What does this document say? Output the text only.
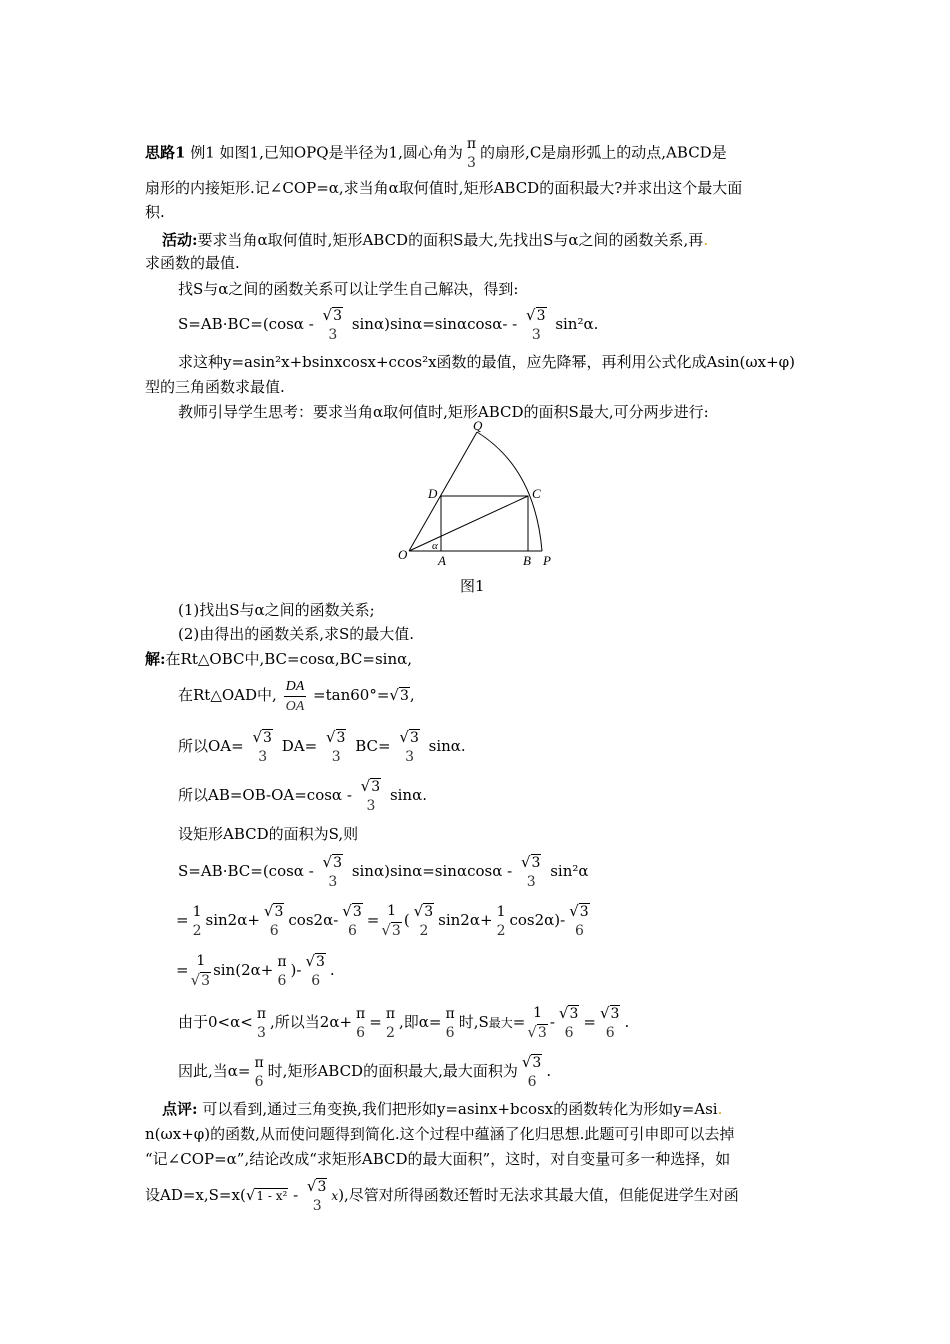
思路1 例1 如图1,已知OPQ是半径为1,圆心角为 π
3
的扇形,C是扇形弧上的动点,ABCD是
扇形的内接矩形.记∠COP=α,求当角α取何值时,矩形ABCD的面积最大?并求出这个最大面
积.
活动:要求当角α取何值时,矩形ABCD的面积S最大,先找出S与α之间的函数关系,再.
求函数的最值.
找S与α之间的函数关系可以让学生自己解决，得到:
S=AB·BC=(cosα - √3
3
sinα)sinα=sinαcosα- - √3
3
sin²α.
求这种y=asin²x+bsinxcosx+ccos²x函数的最值，应先降幂，再利用公式化成Asin(ωx+φ)
型的三角函数求最值.
教师引导学生思考：要求当角α取何值时,矩形ABCD的面积S最大,可分两步进行:
Q
D	C
O A	B P
α
图1
(1)找出S与α之间的函数关系;
(2)由得出的函数关系,求S的最大值.
解:在Rt△OBC中,BC=cosα,BC=sinα,
在Rt△OAD中, $\frac{DA}{OA} =\tan 60^\circ=√3$,
所以OA= √3
3
DA= √3
3
BC= √3
3
sinα.
所以AB=OB-OA=cosα - √3
3
sinα.
设矩形ABCD的面积为S,则
S=AB·BC=(cosα - √3
3
sinα)sinα=sinαcosα - √3
3
sin²α
= 1
2
sin2α+ √3
6
cos2α- √3
6
= 1
√3
( √3
2
sin2α+ 1
2
cos2α)- √3
6
= 1
√3
sin(2α+ π
6
)- √3
6
.
由于0<α< π
3
,所以当2α+ π
6
= π
2
,即α= π
6
时,S最大= 1
√3
- √3
6
= √3
6
.
因此,当α= π
6
时,矩形ABCD的面积最大,最大面积为 √3
6
.
点评: 可以看到,通过三角变换,我们把形如y=asinx+bcosx的函数转化为形如y=Asi.
n(ωx+φ)的函数,从而使问题得到简化.这个过程中蕴涵了化归思想.此题可引申即可以去掉
“记∠COP=α”,结论改成“求矩形ABCD的最大面积”，这时，对自变量可多一种选择，如
设AD=x,S=x(√1 - x² - √3
3
x),尽管对所得函数还暂时无法求其最大值，但能促进学生对函
